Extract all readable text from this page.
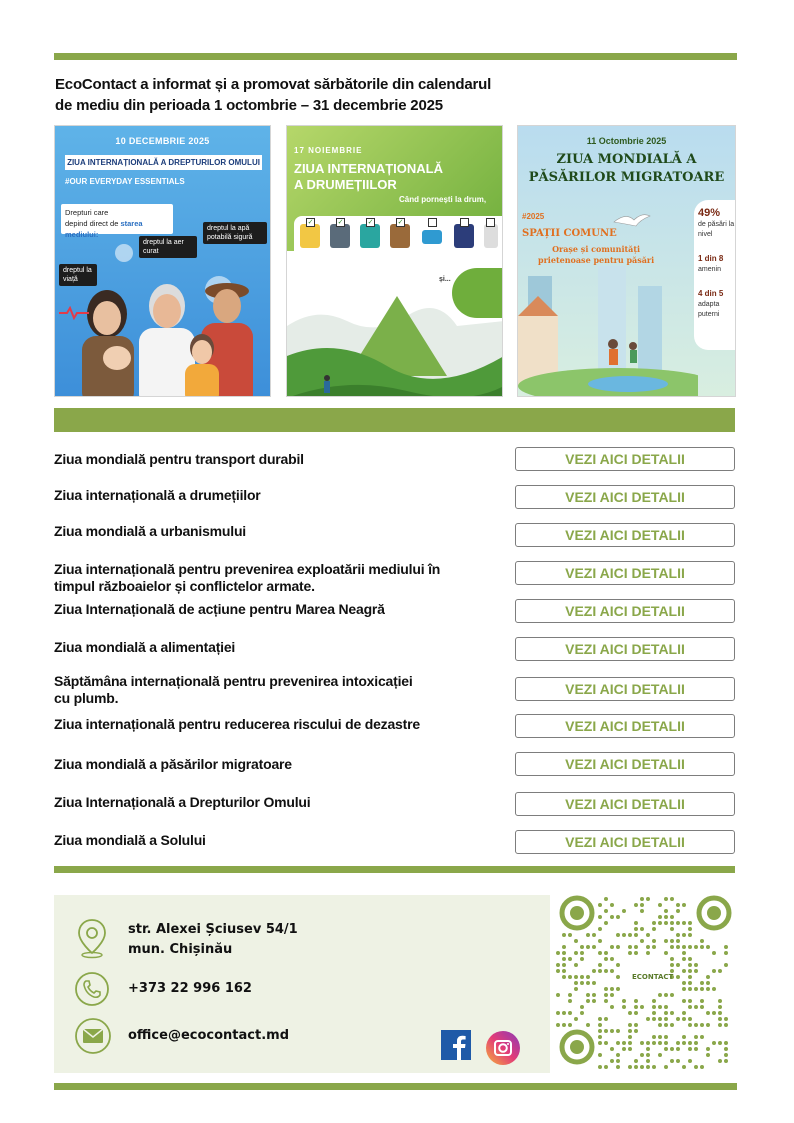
EcoContact a informat și a promovat sărbătorile din calendarul
de mediu din perioada 1 octombrie – 31 decembrie 2025
10 DECEMBRIE 2025
ZIUA INTERNAȚIONALĂ A DREPTURILOR OMULUI
#OUR EVERYDAY ESSENTIALS
Drepturi care
depind direct de starea mediului:
dreptul la aer curat
dreptul la apă potabilă sigură
dreptul la viață
17 NOIEMBRIE
ZIUA INTERNAȚIONALĂ
A DRUMEȚIILOR
Când pornești la drum,
✓	✓	✓	✓
și...
11 Octombrie 2025
ZIUA MONDIALĂ A
PĂSĂRILOR MIGRATOARE
#2025
SPAȚII COMUNE
Orașe și comunități
prietenoase pentru păsări
49%
de păsări la nivel
1 din 8
amenin
4 din 5
adapta puterni
Ziua mondială pentru transport durabil	VEZI AICI DETALII
Ziua internațională a drumețiilor	VEZI AICI DETALII
Ziua mondială a urbanismului	VEZI AICI DETALII
Ziua internațională pentru prevenirea exploatării mediului în timpul războaielor și conflictelor armate.
VEZI AICI DETALII
Ziua Internațională de acțiune pentru Marea Neagră	VEZI AICI DETALII
Ziua mondială a alimentației	VEZI AICI DETALII
Săptămâna internațională pentru prevenirea intoxicației cu plumb.
VEZI AICI DETALII
Ziua internațională pentru reducerea riscului de dezastre	VEZI AICI DETALII
Ziua mondială a păsărilor migratoare	VEZI AICI DETALII
Ziua Internațională a Drepturilor Omului	VEZI AICI DETALII
Ziua mondială a Solului	VEZI AICI DETALII
str. Alexei Șciusev 54/1
mun. Chișinău
+373 22 996 162
office@ecocontact.md
ECONTACT
